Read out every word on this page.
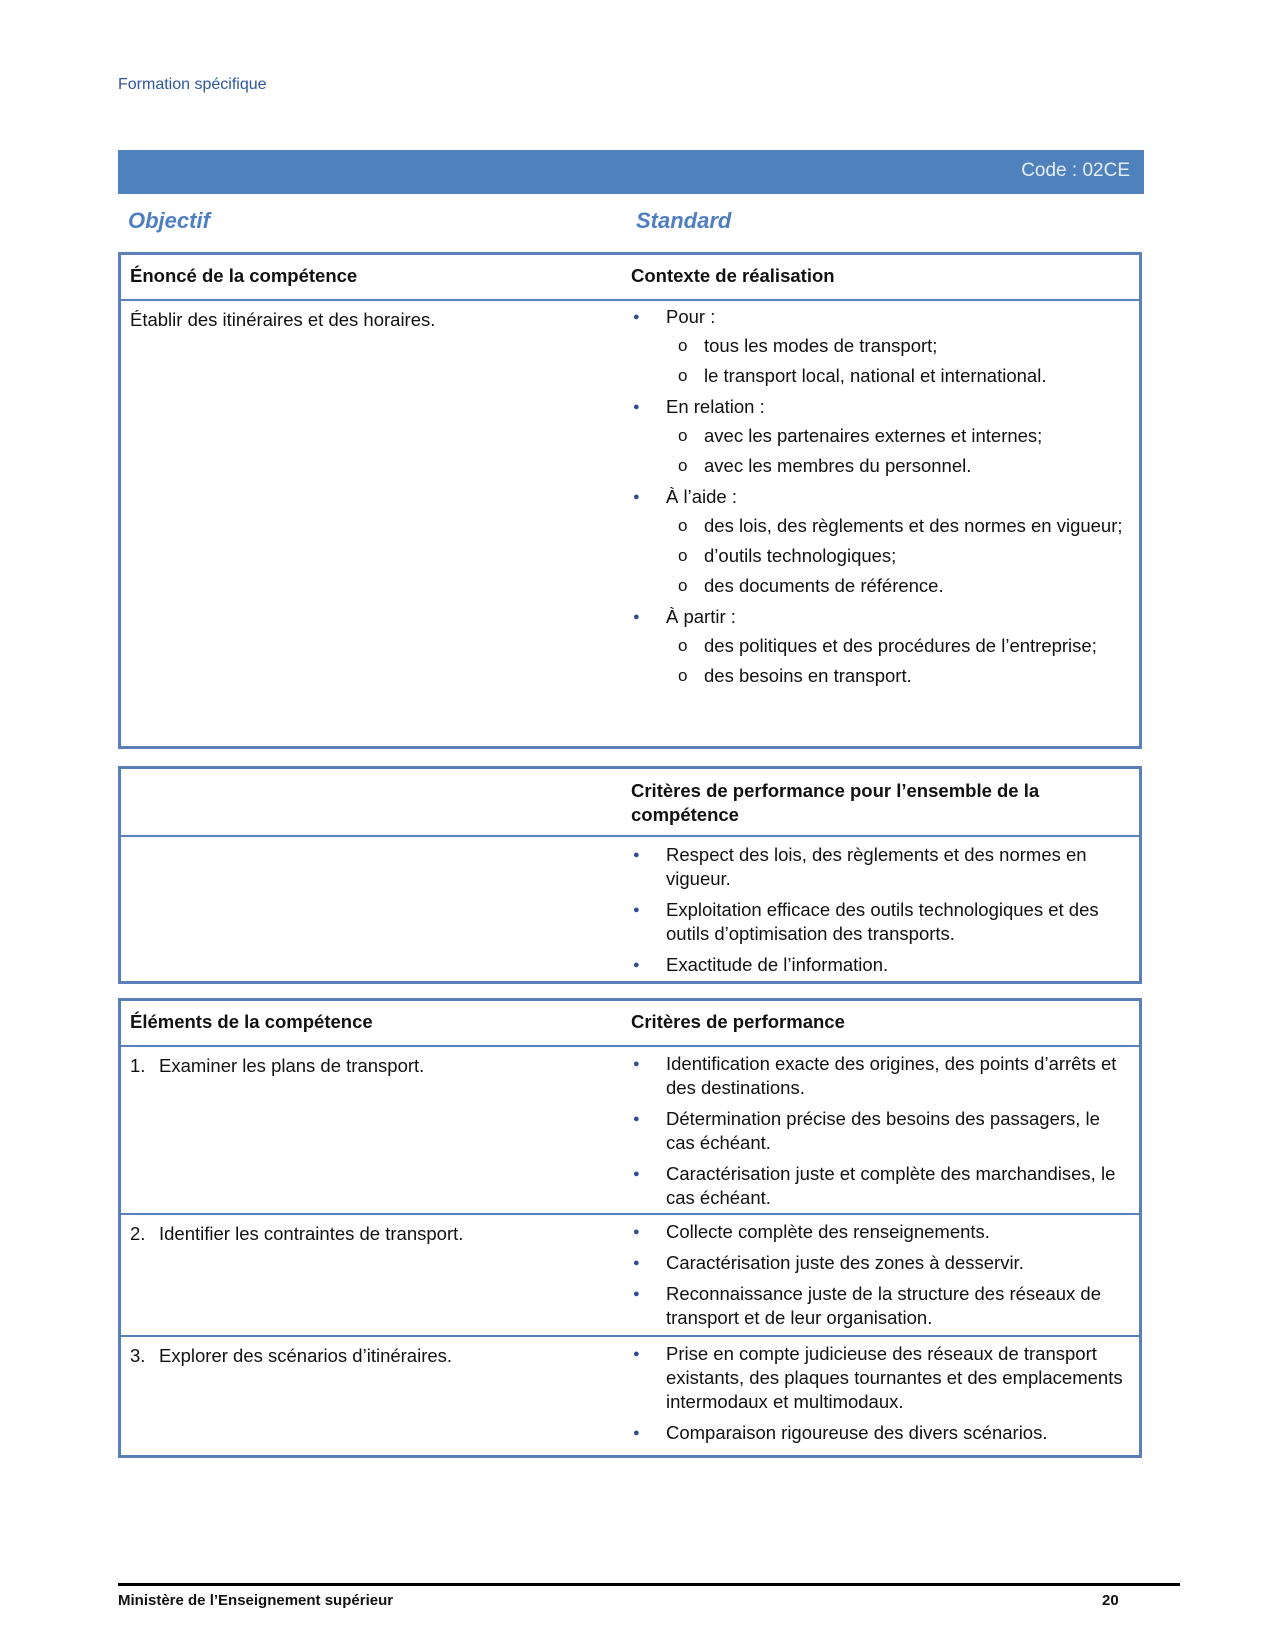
Formation spécifique
Code : 02CE
Objectif	Standard
Énoncé de la compétence	Contexte de réalisation
Établir des itinéraires et des horaires.	● Pour :
o tous les modes de transport;
o le transport local, national et international.
● En relation :
o avec les partenaires externes et internes;
o avec les membres du personnel.
● À l’aide :
o des lois, des règlements et des normes en vigueur;
o d’outils technologiques;
o des documents de référence.
● À partir :
o des politiques et des procédures de l’entreprise;
o des besoins en transport.
Critères de performance pour l’ensemble de la compétence
● Respect des lois, des règlements et des normes en vigueur.
● Exploitation efficace des outils technologiques et des outils d’optimisation des transports.
● Exactitude de l’information.
Éléments de la compétence	Critères de performance
1. Examiner les plans de transport.	● Identification exacte des origines, des points d’arrêts et des destinations.
● Détermination précise des besoins des passagers, le cas échéant.
● Caractérisation juste et complète des marchandises, le cas échéant.
2. Identifier les contraintes de transport.	● Collecte complète des renseignements.
● Caractérisation juste des zones à desservir.
● Reconnaissance juste de la structure des réseaux de transport et de leur organisation.
3. Explorer des scénarios d’itinéraires.	● Prise en compte judicieuse des réseaux de transport existants, des plaques tournantes et des emplacements intermodaux et multimodaux.
● Comparaison rigoureuse des divers scénarios.
Ministère de l’Enseignement supérieur	20
